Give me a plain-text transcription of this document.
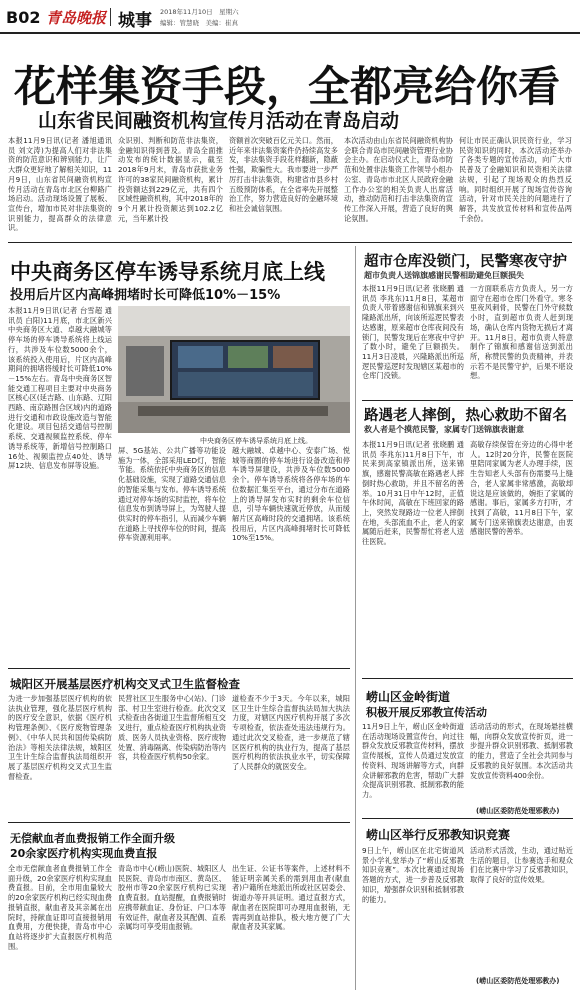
B02 青岛晚报 城事 2018年11月10日　星期六
编辑：管慧晓　美编：崔真
花样集资手段，全都亮给你看
山东省民间融资机构宣传月活动在青岛启动
本报11月9日讯(记者 潘旭通讯员 刘文涛)为提高人们对非法集资的防范意识和辨别能力，让广大群众更好地了解相关知识，11月9日，山东省民间融资机构宣传月活动在青岛市北区台柳路广场启动。活动现场设置了展板、宣传台，增加市民对非法集资的识别能力，提高群众的法律意识。
众识别、判断和防范非法集资，金融知识得到普及。青岛全面推动发布的统计数据显示，截至2018年9月末，青岛市获批业务许可的38家民间融资机构，累计投资额达到229亿元，共有四个区域性融资机构，其中2018年的9个月累计投资额达到102.2亿元，当年累计投
资额首次突破百亿元关口。然而，近年来非法集资案件仍持续高发多发，非法集资手段花样翻新，隐蔽性强，欺骗性大。我市要进一步严厉打击非法集资，构建省市县乡村五级预防体系，在全省率先开展整治工作，努力营造良好的金融环境和社会诚信氛围。
本次活动由山东省民间融资机构协会联合青岛市民间融资管理行业协会主办。在启动仪式上，青岛市防范和处置非法集资工作领导小组办公室、青岛市市北区人民政府金融工作办公室的相关负责人出席活动，推动防范和打击非法集资的宣传工作深入开展，营造了良好的舆论氛围。
何让市民正确认识民资行业，学习民资知识的同时，本次活动还举办了各类专题的宣传活动，向广大市民普及了金融知识和民资相关法律法规，引起了现场观众的热烈反响。同时组织开展了现场宣传咨询活动，针对市民关注的问题进行了解答，共发放宣传材料和宣传品两千余份。
中央商务区停车诱导系统月底上线
投用后片区内高峰拥堵时长可降低10%－15%
本报11月9日讯(记者 台雪超 通讯员 白阳)11月底，市北区新兴中央商务区大道、卓越大融城等停车场的停车诱导系统将上线运行，共涉及车位数5000余个，该系统投入使用后，片区内高峰期间的拥堵将缓时长可降低10%－15%左右。青岛中央商务区智能交通工程项目主要对中央商务区核心区(延吉路、山东路、辽阳西路、南京路围合区域)内的道路进行交通和市政设施改造与智能化建设。项目包括交通信号控制系统、交通视频监控系统、停车诱导系统等，新增信号控制路口16处、视频监控点40处、诱导屏12块、信息发布屏等设施。
中央商务区停车诱导系统月底上线。
屏、5G基站、公共广播等功能设施为一体，全部采用LED灯，智能节能。系统依托中央商务区的信息化基础设施，实现了道路交通信息的智能采集与发布。停车诱导系统通过对停车场的实时监控，将车位信息发布到诱导屏上，为驾驶人提供实时的停车指引，从而减少车辆在道路上寻找停车位的时间，提高停车资源利用率。
越大融城、卓越中心、安泰广场、悦城等商圈的停车场进行设备改造和停车诱导屏建设，共涉及车位数5000余个。停车诱导系统将各停车场的车位数据汇集至平台，通过分布在道路上的诱导屏发布实时的剩余车位信息，引导车辆快速就近停放，从而缓解片区高峰时段的交通拥堵。该系统投用后，片区内高峰拥堵时长可降低10%至15%。
城阳区开展基层医疗机构交叉式卫生监督检查
为进一步加强基层医疗机构的依法执业管理，强化基层医疗机构的医疗安全意识，依据《医疗机构管理条例》、《医疗废物管理条例》、《中华人民共和国传染病防治法》等相关法律法规，城阳区卫生计生综合监督执法局组织开展了基层医疗机构交叉式卫生监督检查。
民营社区卫生服务中心(站)、门诊部、村卫生室进行检查。此次交叉式检查由各街道卫生监督所相互交叉进行，重点检查医疗机构执业资质、医务人员执业资格、医疗废物处置、消毒隔离、传染病防治等内容，共检查医疗机构50余家。
道检查不少于3天。今年以来，城阳区卫生计生综合监督执法局加大执法力度，对辖区内医疗机构开展了多次专项检查，依法查处违法违规行为。通过此次交叉检查，进一步规范了辖区医疗机构的执业行为，提高了基层医疗机构的依法执业水平，切实保障了人民群众的就医安全。
无偿献血者血费报销工作全面升级
20余家医疗机构实现血费直报
全市无偿献血者血费报销工作全面升级，20余家医疗机构实现血费直报。目前，全市用血量较大的20余家医疗机构已经实现血费报销直报，献血者及其亲属在出院时，持献血证即可直接报销用血费用，方便快捷，青岛市中心血站将逐步扩大直报医疗机构范围。
青岛市中心(崂山)医院、城阳区人民医院、青岛市市南区、黄岛区、胶州市等20余家医疗机构已实现血费直报。血站提醒，血费报销时应携带献血证、身份证、户口本等有效证件，献血者及其配偶、直系亲属均可享受用血报销。
出生证、公证书等案件，上述材料不能证明亲属关系的需到用血者(献血者)户籍所在地派出所或社区居委会、街道办等开具证明。通过直报方式，献血者在医院即可办理用血报销，无需再到血站排队，极大地方便了广大献血者及其家属。
超市仓库没锁门，民警寒夜守护
超市负责人送锦旗感谢民警相助避免巨额损失
本报11月9日讯(记者 张晓鹏 通讯员 李兆东)11月8日，某超市负责人带着感谢信和锦旗来到兴隆路派出所，向该所巡逻民警表达感谢，原来超市仓库夜间没有锁门，民警发现后在寒夜中守护了数小时，避免了巨额损失。11月3日凌晨，兴隆路派出所巡逻民警巡逻时发现辖区某超市的仓库门没锁。
一方面联系店方负责人，另一方面守在超市仓库门外看守。寒冬里夜风刺骨，民警在门外守候数小时，直到超市负责人赶到现场，确认仓库内货物无损后才离开。11月8日，超市负责人特意制作了锦旗和感谢信送到派出所，称赞民警的负责精神，并表示若不是民警守护，后果不堪设想。
路遇老人摔倒，热心救助不留名
救人者是个摸范民警，家属专门送锦旗表谢意
本报11月9日讯(记者 张晓鹏 通讯员 李兆东)11月8日下午，市民来到高家镇派出所，送来锦旗，感谢民警高敏在路遇老人摔倒时热心救助，并且不留名的善举。10月31日中午12时，正值午休时间，高敏在下班回家的路上，突然发现路边一位老人摔倒在地，头部流血不止，老人的家属随后赶来，民警帮忙将老人送往医院。
高敏存续保管在旁边的心得中老人。12时20分许，民警在医院里陪同家属为老人办理手续，医生告知老人头部有伤需要马上缝合，老人家属非常感激，高敏却说这是应该做的，婉拒了家属的感谢。事后，家属多方打听，才找到了高敏，11月8日下午，家属专门送来锦旗表达谢意，由衷感谢民警的善举。
崂山区金岭街道
积极开展反邪教宣传活动
11月9日上午，崂山区金岭街道在活动现场设置宣传台，向过往群众发放反邪教宣传材料，摆放宣传展板，宣传人员通过发放宣传资料、现场讲解等方式，向群众讲解邪教的危害，帮助广大群众提高识别邪教、抵制邪教的能力。
活动活动的形式，在现场悬挂横幅，向群众发放宣传折页，进一步提升群众识别邪教、抵制邪教的能力，营造了全社会共同参与反邪教的良好氛围。本次活动共发放宣传资料400余份。
(崂山区委防范处理邪教办)
崂山区举行反邪教知识竞赛
9日上午，崂山区在北宅街道风景小学礼堂举办了“崂山反邪教知识竞赛”。本次比赛通过现场答题的方式，进一步普及反邪教知识，增强群众识别和抵制邪教的能力。
活动形式活泼，生动，通过贴近生活的题目，让参赛选手和观众们在比赛中学习了反邪教知识，取得了良好的宣传效果。
(崂山区委防范处理邪教办)
